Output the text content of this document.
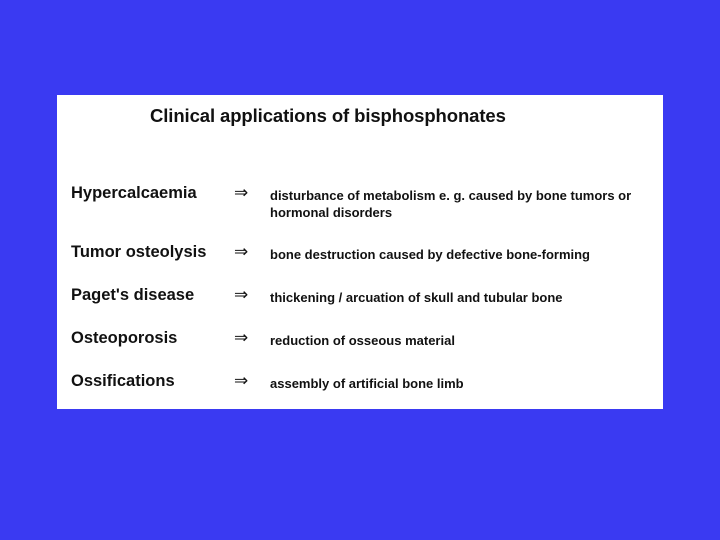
Clinical applications of bisphosphonates
Hypercalcaemia ⇒ disturbance of metabolism e. g. caused by bone tumors or
hormonal disorders
Tumor osteolysis ⇒ bone destruction caused by defective bone-forming
Paget's disease ⇒ thickening / arcuation of skull and tubular bone
Osteoporosis	⇒ reduction of osseous material
Ossifications	⇒ assembly of artificial bone limb
